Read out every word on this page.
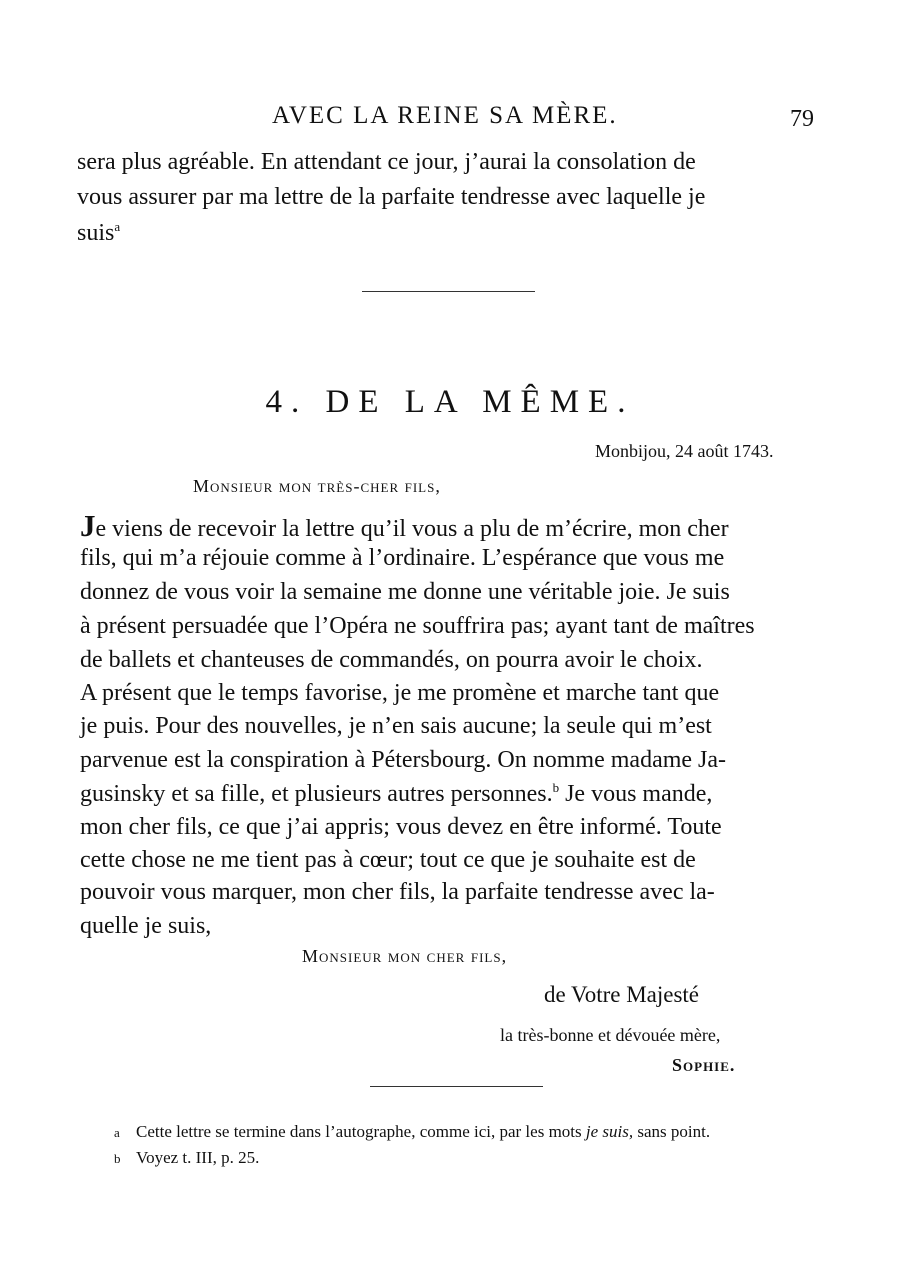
AVEC LA REINE SA MÈRE.	79
sera plus agréable. En attendant ce jour, j’aurai la consolation de
vous assurer par ma lettre de la parfaite tendresse avec laquelle je
suis$^a$
4. DE LA MÊME.
Monbijou, 24 août 1743.
Monsieur mon très-cher fils,
Je viens de recevoir la lettre qu’il vous a plu de m’écrire, mon cher
fils, qui m’a réjouie comme à l’ordinaire. L’espérance que vous me
donnez de vous voir la semaine me donne une véritable joie. Je suis
à présent persuadée que l’Opéra ne souffrira pas; ayant tant de maîtres
de ballets et chanteuses de commandés, on pourra avoir le choix.
A présent que le temps favorise, je me promène et marche tant que
je puis. Pour des nouvelles, je n’en sais aucune; la seule qui m’est
parvenue est la conspiration à Pétersbourg. On nomme madame Ja-
gusinsky et sa fille, et plusieurs autres personnes.$^b$ Je vous mande,
mon cher fils, ce que j’ai appris; vous devez en être informé. Toute
cette chose ne me tient pas à cœur; tout ce que je souhaite est de
pouvoir vous marquer, mon cher fils, la parfaite tendresse avec la-
quelle je suis,
Monsieur mon cher fils,
de Votre Majesté
la très-bonne et dévouée mère,
Sophie.
a Cette lettre se termine dans l’autographe, comme ici, par les mots je suis, sans point.
b Voyez t. III, p. 25.
